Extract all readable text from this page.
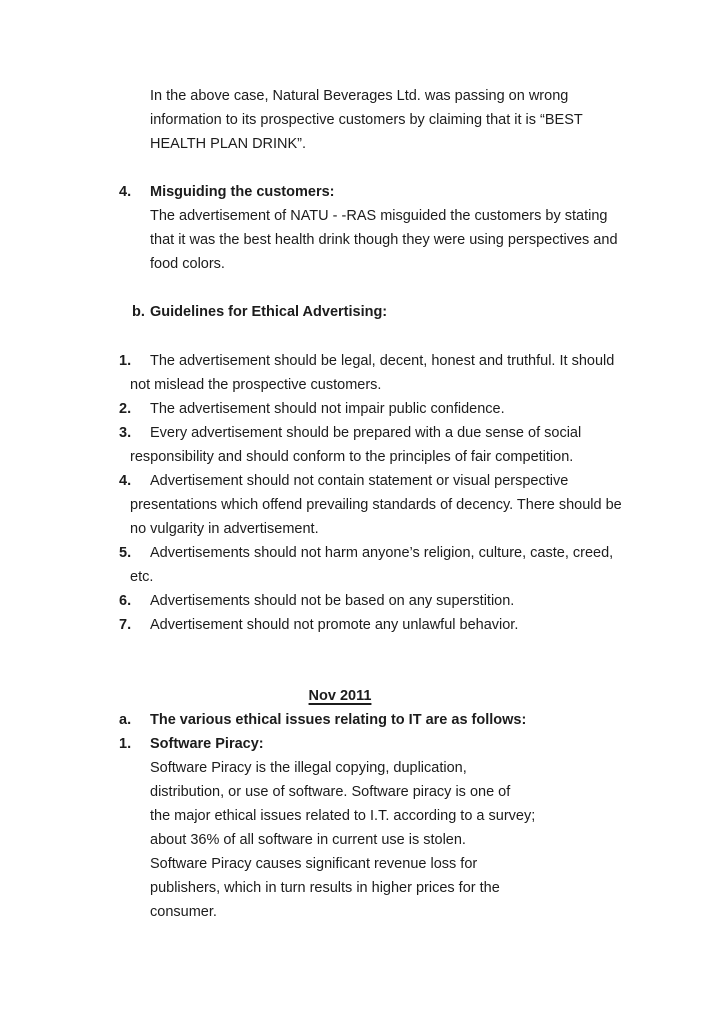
In the above case, Natural Beverages Ltd. was passing on wrong
information to its prospective customers by claiming that it is “BEST
HEALTH PLAN DRINK”.
4. Misguiding the customers:
The advertisement of NATU - -RAS misguided the customers by stating
that it was the best health drink though they were using perspectives and
food colors.
b. Guidelines for Ethical Advertising:
1. The advertisement should be legal, decent, honest and truthful. It should
not mislead the prospective customers.
2. The advertisement should not impair public confidence.
3. Every advertisement should be prepared with a due sense of social
responsibility and should conform to the principles of fair competition.
4. Advertisement should not contain statement or visual perspective
presentations which offend prevailing standards of decency. There should be
no vulgarity in advertisement.
5. Advertisements should not harm anyone’s religion, culture, caste, creed,
etc.
6. Advertisements should not be based on any superstition.
7. Advertisement should not promote any unlawful behavior.
Nov 2011
a. The various ethical issues relating to IT are as follows:
1. Software Piracy:
Software Piracy is the illegal copying, duplication,
distribution, or use of software. Software piracy is one of
the major ethical issues related to I.T. according to a survey;
about 36% of all software in current use is stolen.
Software Piracy causes significant revenue loss for
publishers, which in turn results in higher prices for the
consumer.
